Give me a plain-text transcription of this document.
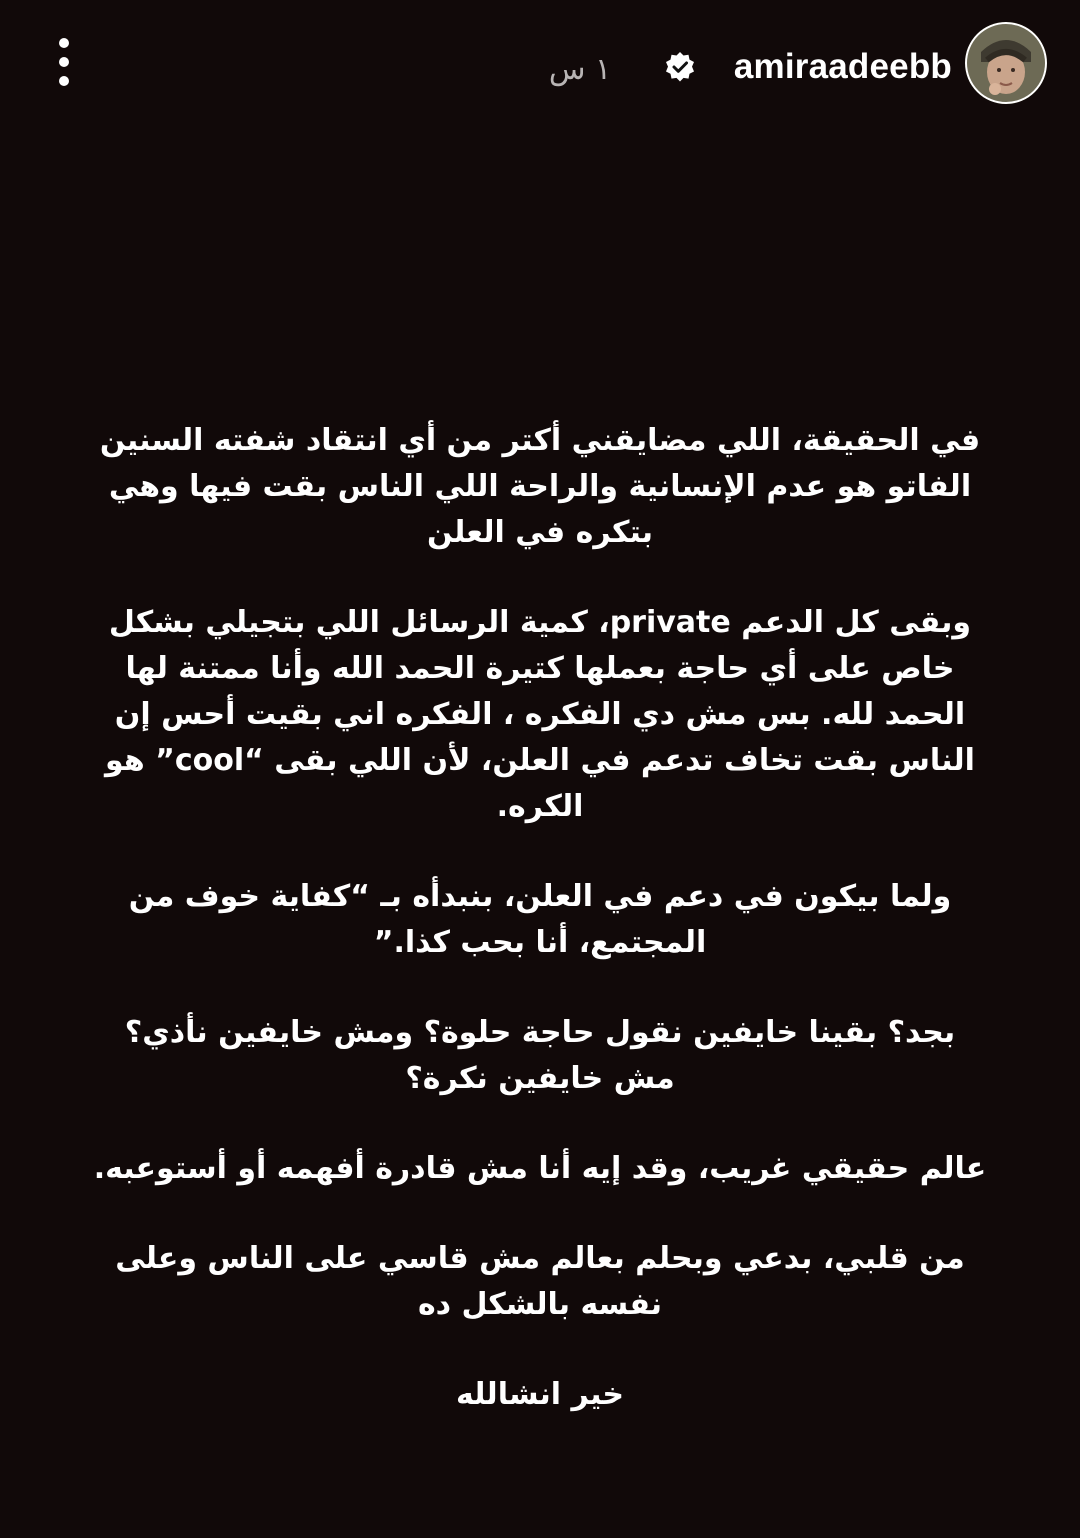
amiraadeebb
١ س

في الحقيقة، اللي مضايقني أكتر من أي انتقاد شفته السنين
الفاتو هو عدم الإنسانية والراحة اللي الناس بقت فيها وهي
بتكره في العلن

وبقى كل الدعم private، كمية الرسائل اللي بتجيلي بشكل
خاص على أي حاجة بعملها كتيرة الحمد الله وأنا ممتنة لها
الحمد لله. بس مش دي الفكره ، الفكره اني بقيت أحس إن
الناس بقت تخاف تدعم في العلن، لأن اللي بقى “cool” هو
الكره.

ولما بيكون في دعم في العلن، بنبدأه بـ “كفاية خوف من
المجتمع، أنا بحب كذا.”

بجد؟ بقينا خايفين نقول حاجة حلوة؟ ومش خايفين نأذي؟
مش خايفين نكرة؟

عالم حقيقي غريب، وقد إيه أنا مش قادرة أفهمه أو أستوعبه.

من قلبي، بدعي وبحلم بعالم مش قاسي على الناس وعلى
نفسه بالشكل ده

خير انشالله
